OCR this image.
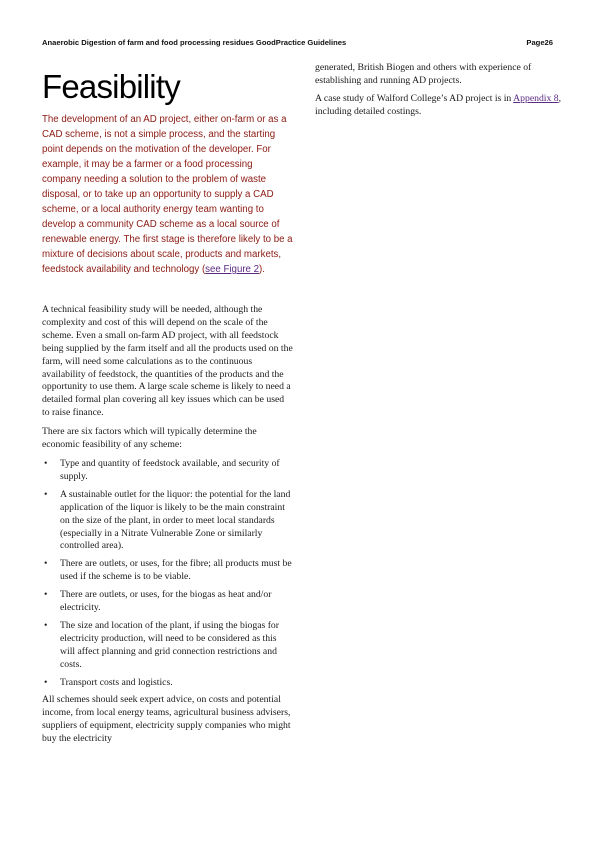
Anaerobic Digestion of farm and food processing residues GoodPractice Guidelines	Page26
Feasibility

The development of an AD project, either on-farm or as a CAD scheme, is not a simple process, and the starting point depends on the motivation of the developer. For example, it may be a farmer or a food processing company needing a solution to the problem of waste disposal, or to take up an opportunity to supply a CAD scheme, or a local authority energy team wanting to develop a community CAD scheme as a local source of renewable energy. The first stage is therefore likely to be a mixture of decisions about scale, products and markets, feedstock availability and technology (see Figure 2).

A technical feasibility study will be needed, although the complexity and cost of this will depend on the scale of the scheme. Even a small on-farm AD project, with all feedstock being supplied by the farm itself and all the products used on the farm, will need some calculations as to the continuous availability of feedstock, the quantities of the products and the opportunity to use them. A large scale scheme is likely to need a detailed formal plan covering all key issues which can be used to raise finance.

There are six factors which will typically determine the economic feasibility of any scheme:

• Type and quantity of feedstock available, and security of supply.
• A sustainable outlet for the liquor: the potential for the land application of the liquor is likely to be the main constraint on the size of the plant, in order to meet local standards (especially in a Nitrate Vulnerable Zone or similarly controlled area).
• There are outlets, or uses, for the fibre; all products must be used if the scheme is to be viable.
• There are outlets, or uses, for the biogas as heat and/or electricity.
• The size and location of the plant, if using the biogas for electricity production, will need to be considered as this will affect planning and grid connection restrictions and costs.
• Transport costs and logistics.

All schemes should seek expert advice, on costs and potential income, from local energy teams, agricultural business advisers, suppliers of equipment, electricity supply companies who might buy the electricity

generated, British Biogen and others with experience of establishing and running AD projects.

A case study of Walford College’s AD project is in Appendix 8, including detailed costings.
